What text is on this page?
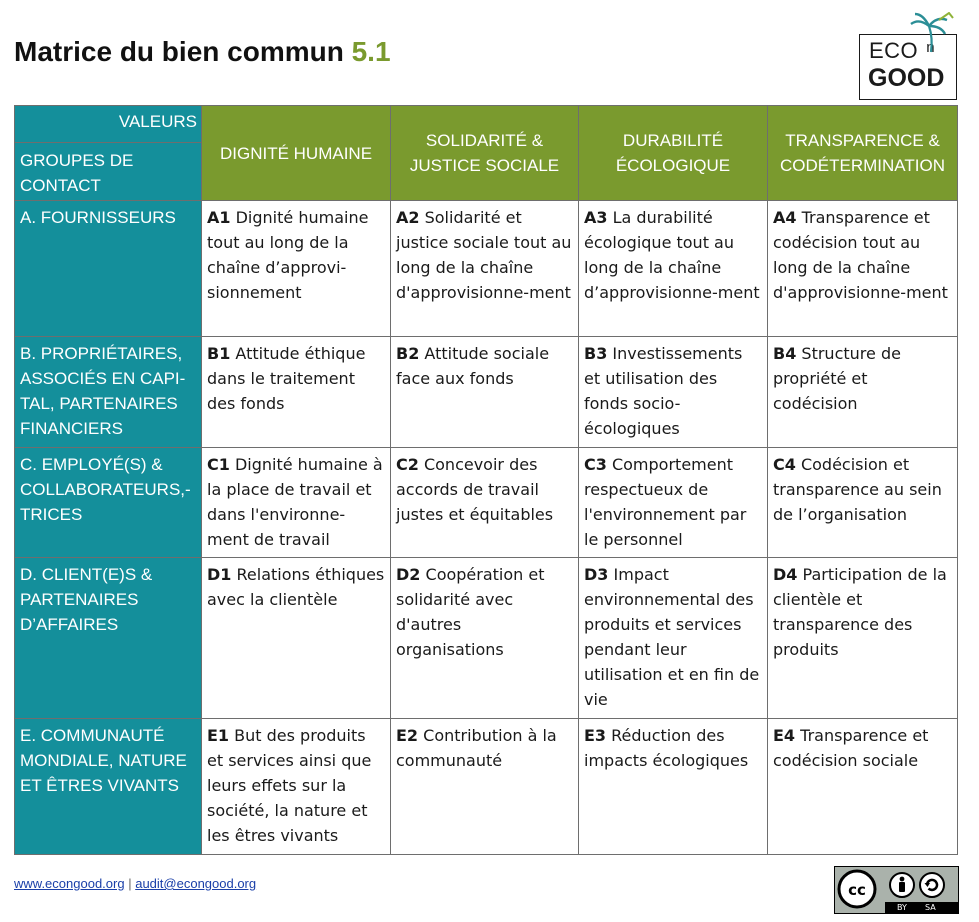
Matrice du bien commun 5.1	ECO $^n$
GOOD
VALEURS
GROUPES DE CONTACT	DIGNITÉ HUMAINE	SOLIDARITÉ & JUSTICE SOCIALE	DURABILITÉ ÉCOLOGIQUE	TRANSPARENCE & CODÉTERMINATION
A. FOURNISSEURS	A1 Dignité humaine tout au long de la chaîne d’approvi-sionnement	A2 Solidarité et justice sociale tout au long de la chaîne d'approvisionne-ment	A3 La durabilité écologique tout au long de la chaîne d’approvisionne-ment	A4 Transparence et codécision tout au long de la chaîne d'approvisionne-ment
B. PROPRIÉTAIRES, ASSOCIÉS EN CAPI-TAL, PARTENAIRES FINANCIERS	B1 Attitude éthique dans le traitement des fonds	B2 Attitude sociale face aux fonds	B3 Investissements et utilisation des fonds socio-écologiques	B4 Structure de propriété et codécision
C. EMPLOYÉ(S) & COLLABORATEURS,-TRICES	C1 Dignité humaine à la place de travail et dans l'environne-ment de travail	C2 Concevoir des accords de travail justes et équitables	C3 Comportement respectueux de l'environnement par le personnel	C4 Codécision et transparence au sein de l’organisation
D. CLIENT(E)S & PARTENAIRES D’AFFAIRES	D1 Relations éthiques avec la clientèle	D2 Coopération et solidarité avec d'autres organisations	D3 Impact environnemental des produits et services pendant leur utilisation et en fin de vie	D4 Participation de la clientèle et transparence des produits
E. COMMUNAUTÉ MONDIALE, NATURE ET ÊTRES VIVANTS	E1 But des produits et services ainsi que leurs effets sur la société, la nature et les êtres vivants	E2 Contribution à la communauté	E3 Réduction des impacts écologiques	E4 Transparence et codécision sociale
www.econgood.org | audit@econgood.org	cc
BY SA
